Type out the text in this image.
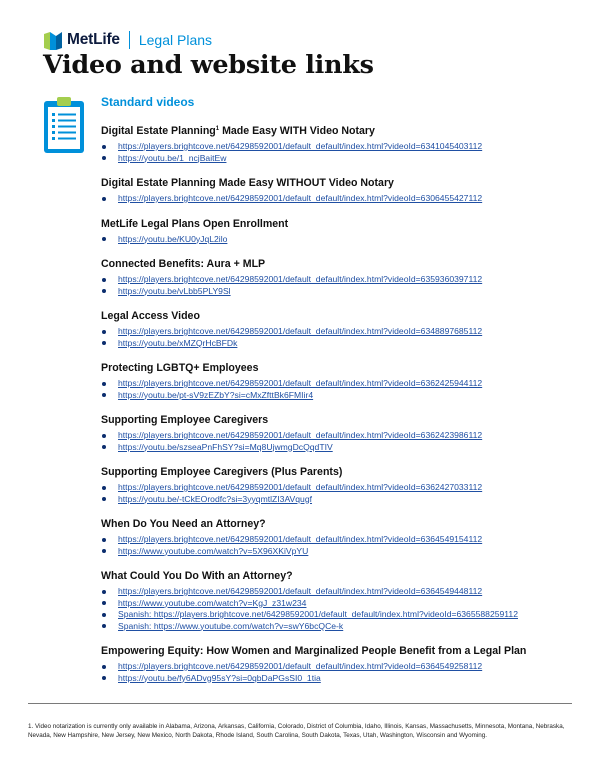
MetLife Legal Plans
Video and website links
Standard videos
Digital Estate Planning$^1$ Made Easy WITH Video Notary
https://players.brightcove.net/64298592001/default_default/index.html?videoId=6341045403112
https://youtu.be/1_ncjBaitEw
Digital Estate Planning Made Easy WITHOUT Video Notary
https://players.brightcove.net/64298592001/default_default/index.html?videoId=6306455427112
MetLife Legal Plans Open Enrollment
https://youtu.be/KU0yJqL2ilo
Connected Benefits: Aura + MLP
https://players.brightcove.net/64298592001/default_default/index.html?videoId=6359360397112
https://youtu.be/vLbb5PLY9Sl
Legal Access Video
https://players.brightcove.net/64298592001/default_default/index.html?videoId=6348897685112
https://youtu.be/xMZQrHcBFDk
Protecting LGBTQ+ Employees
https://players.brightcove.net/64298592001/default_default/index.html?videoId=6362425944112
https://youtu.be/pt-sV9zEZbY?si=cMxZfttBk6FMIir4
Supporting Employee Caregivers
https://players.brightcove.net/64298592001/default_default/index.html?videoId=6362423986112
https://youtu.be/szseaPnFhSY?si=Mq8UjwmgDcQqdTIV
Supporting Employee Caregivers (Plus Parents)
https://players.brightcove.net/64298592001/default_default/index.html?videoId=6362427033112
https://youtu.be/-tCkEOrodfc?si=3yyqmtlZI3AVqugf
When Do You Need an Attorney?
https://players.brightcove.net/64298592001/default_default/index.html?videoId=6364549154112
https://www.youtube.com/watch?v=5X96XKiVpYU
What Could You Do With an Attorney?
https://players.brightcove.net/64298592001/default_default/index.html?videoId=6364549448112
https://www.youtube.com/watch?v=KgJ_z31w234
Spanish: https://players.brightcove.net/64298592001/default_default/index.html?videoId=6365588259112
Spanish: https://www.youtube.com/watch?v=swY6bcQCe-k
Empowering Equity: How Women and Marginalized People Benefit from a Legal Plan
https://players.brightcove.net/64298592001/default_default/index.html?videoId=6364549258112
https://youtu.be/fy6ADvg95sY?si=0qbDaPGsSI0_1tia
1. Video notarization is currently only available in Alabama, Arizona, Arkansas, California, Colorado, District of Columbia, Idaho, Illinois, Kansas, Massachusetts, Minnesota, Montana, Nebraska, Nevada, New Hampshire, New Jersey, New Mexico, North Dakota, Rhode Island, South Carolina, South Dakota, Texas, Utah, Washington, Wisconsin and Wyoming.
